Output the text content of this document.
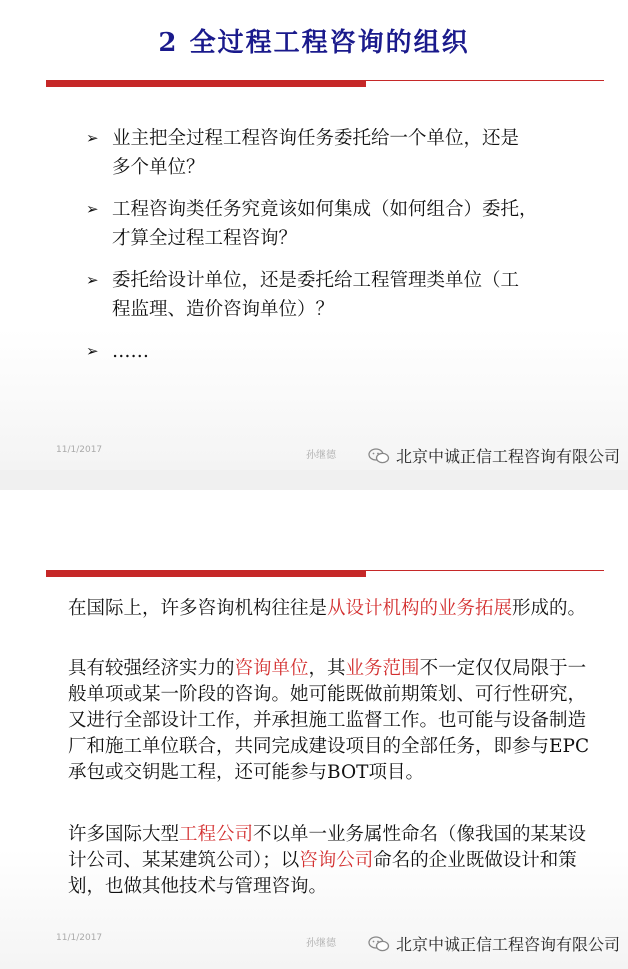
2 全过程工程咨询的组织
➢ 业主把全过程工程咨询任务委托给一个单位，还是
多个单位？
➢ 工程咨询类任务究竟该如何集成（如何组合）委托，
才算全过程工程咨询？
➢ 委托给设计单位，还是委托给工程管理类单位（工
程监理、造价咨询单位）？
➢ ……
11/1/2017	孙继德	北京中诚正信工程咨询有限公司
在国际上，许多咨询机构往往是从设计机构的业务拓展形成的。
具有较强经济实力的咨询单位，其业务范围不一定仅仅局限于一般单项或某一阶段的咨询。她可能既做前期策划、可行性研究，又进行全部设计工作，并承担施工监督工作。也可能与设备制造厂和施工单位联合，共同完成建设项目的全部任务，即参与EPC承包或交钥匙工程，还可能参与BOT项目。
许多国际大型工程公司不以单一业务属性命名（像我国的某某设计公司、某某建筑公司）；以咨询公司命名的企业既做设计和策划，也做其他技术与管理咨询。
11/1/2017	孙继德	北京中诚正信工程咨询有限公司
